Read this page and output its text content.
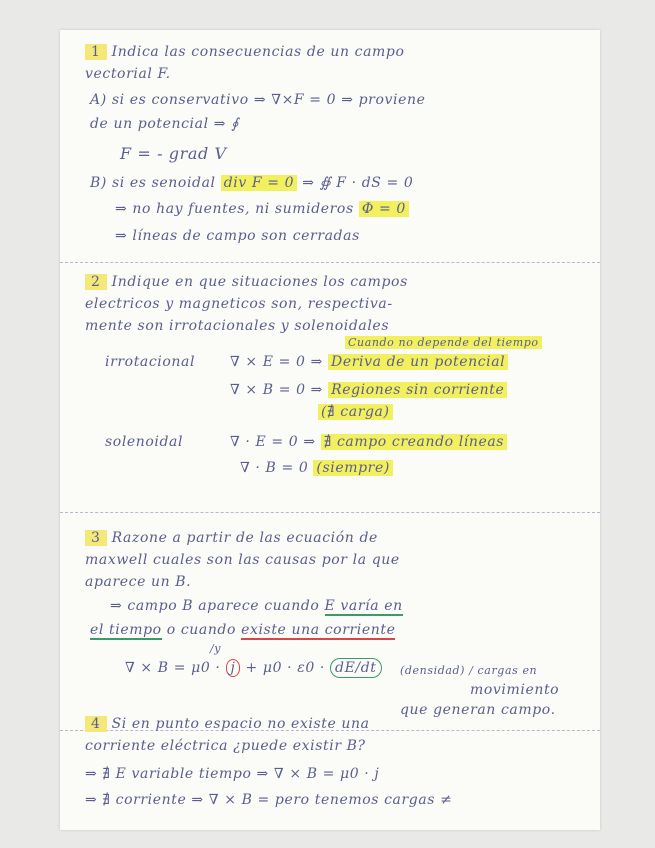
1 Indica las consecuencias de un campo
vectorial F.
A) si es conservativo ⇒ ∇×F = 0 ⇒ proviene
de un potencial ⇒ ∮
F = - grad V
B) si es senoidal div F = 0 ⇒ ∯ F · dS = 0
⇒ no hay fuentes, ni sumideros Φ = 0
⇒ líneas de campo son cerradas
2 Indique en que situaciones los campos
electricos y magneticos son, respectiva-
mente son irrotacionales y solenoidales
Cuando no depende del tiempo
irrotacional ∇ × E = 0 ⇒ Deriva de un potencial
∇ × B = 0 ⇒ Regiones sin corriente
(∄ carga)
solenoidal	∇ · E = 0 ⇒ ∄ campo creando líneas
∇ · B = 0 (siempre)
3 Razone a partir de las ecuación de
maxwell cuales son las causas por la que
aparece un B.
⇒ campo B aparece cuando E varía en
el tiempo o cuando existe una corriente
/y
∇ × B = μ0 · j + μ0 · ε0 · dE/dt	(densidad) / cargas en
movimiento
que generan campo.
4 Si en punto espacio no existe una
corriente eléctrica ¿puede existir B?
⇒ ∄ E variable tiempo ⇒ ∇ × B = μ0 · j
⇒ ∄ corriente ⇒ ∇ × B = pero tenemos cargas ≠
